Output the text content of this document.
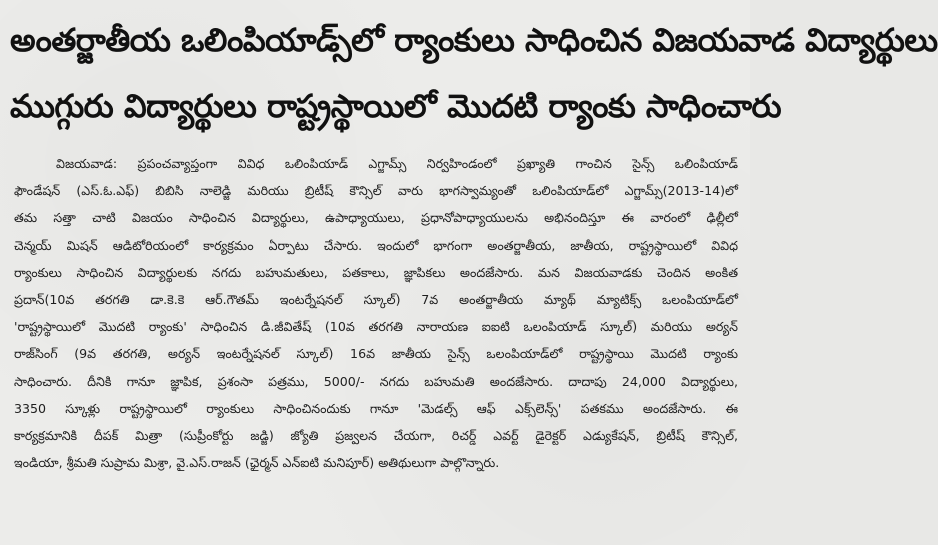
అంతర్జాతీయ ఒలింపియాడ్స్‌లో ర్యాంకులు సాధించిన విజయవాడ విద్యార్థులు
ముగ్గురు విద్యార్థులు రాష్ట్రస్థాయిలో మొదటి ర్యాంకు సాధించారు
విజయవాడ: ప్రపంచవ్యాప్తంగా వివిధ ఒలింపియాడ్ ఎగ్జామ్స్ నిర్వహిండంలో ప్రఖ్యాతి గాంచిన సైన్స్ ఒలింపియాడ్
ఫౌండేషన్ (ఎస్.ఓ.ఎఫ్) బిబిసి నాలెడ్జి మరియు బ్రిటీష్ కౌన్సిల్ వారు భాగస్వామ్యంతో ఒలింపియాడ్‌లో ఎగ్జామ్స్(2013-14)లో
తమ సత్తా చాటి విజయం సాధించిన విద్యార్థులు, ఉపాధ్యాయులు, ప్రధానోపాధ్యాయులను అభినందిస్తూ ఈ వారంలో ఢిల్లీలో
చెన్మయ్ మిషన్ ఆడిటోరియంలో కార్యక్రమం ఏర్పాటు చేసారు. ఇందులో భాగంగా అంతర్జాతీయ, జాతీయ, రాష్ట్రస్థాయిలో వివిధ
ర్యాంకులు సాధించిన విద్యార్థులకు నగదు బహుమతులు, పతకాలు, జ్ఞాపికలు అందజేసారు. మన విజయవాడకు చెందిన అంకిత
ప్రదాన్(10వ తరగతి డా.కె.కె ఆర్.గౌతమ్ ఇంటర్నేషనల్ స్కూల్) 7వ అంతర్జాతీయ మ్యాథ్ మ్యాటిక్స్ ఒలంపియాడ్‌లో
'రాష్ట్రస్థాయిలో మొదటి ర్యాంకు' సాధించిన డి.జీవితేష్ (10వ తరగతి నారాయణ ఐఐటి ఒలంపియాడ్ స్కూల్) మరియు అర్యన్
రాజ్‌సింగ్ (9వ తరగతి, అర్యన్ ఇంటర్నేషనల్ స్కూల్) 16వ జాతీయ సైన్స్ ఒలంపియాడ్‌లో రాష్ట్రస్థాయి మొదటి ర్యాంకు
సాధించారు. దీనికి గానూ జ్ఞాపిక, ప్రశంసా పత్రము, 5000/- నగదు బహుమతి అందజేసారు. దాదాపు 24,000 విద్యార్థులు,
3350 స్కూళ్లు రాష్ట్రస్థాయిలో ర్యాంకులు సాధించినందుకు గానూ 'మెడల్స్ ఆఫ్ ఎక్స్‌లెన్స్' పతకము అందజేసారు. ఈ
కార్యక్రమానికి దీపక్ మిత్రా (సుప్రీంకోర్టు జడ్జి) జ్యోతి ప్రజ్వలన చేయగా, రిచర్డ్ ఎవర్ట్ డైరెక్టర్ ఎడ్యుకేషన్, బ్రిటీష్ కౌన్సిల్,
ఇండియా, శ్రీమతి సుప్రామ మిశ్రా, వై.ఎస్.రాజన్ (ఛైర్మన్ ఎన్ఐటి మనిపూర్) అతిథులుగా పాల్గొన్నారు.
